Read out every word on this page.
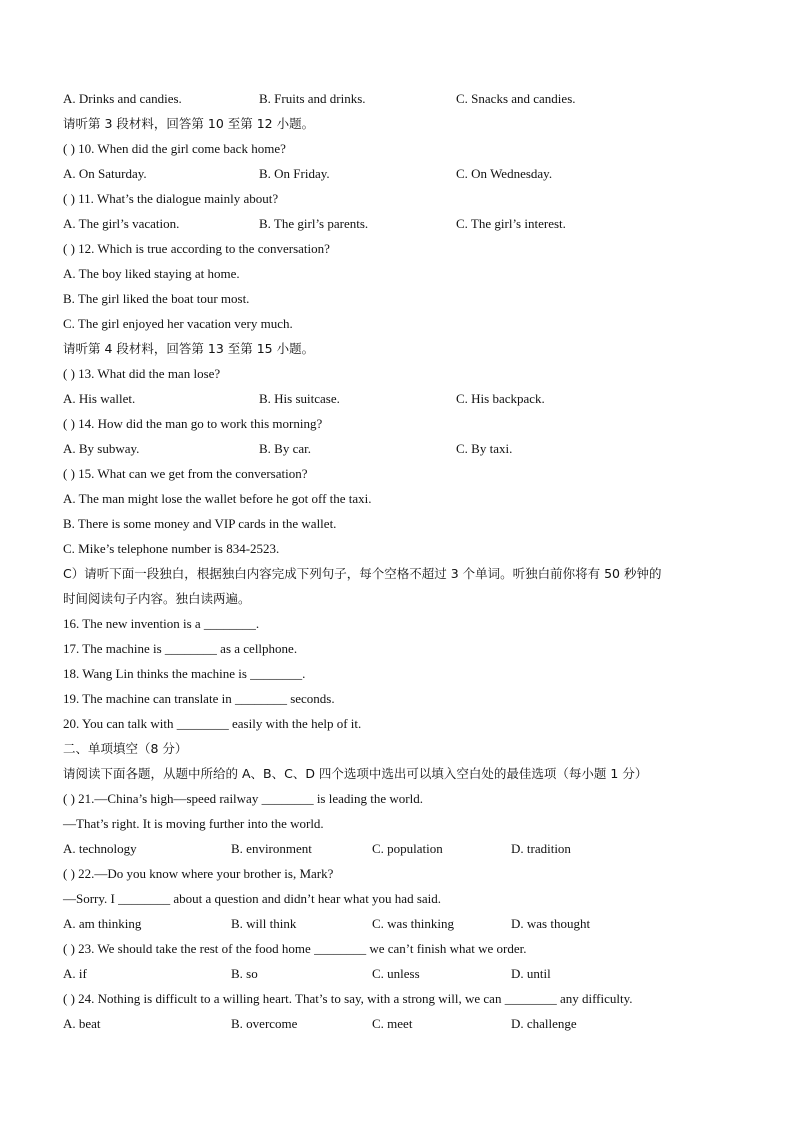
A. Drinks and candies.	B. Fruits and drinks.	C. Snacks and candies.
请听第 3 段材料，回答第 10 至第 12 小题。
( ) 10. When did the girl come back home?
A. On Saturday.	B. On Friday.	C. On Wednesday.
( ) 11. What’s the dialogue mainly about?
A. The girl’s vacation.	B. The girl’s parents.	C. The girl’s interest.
( ) 12. Which is true according to the conversation?
A. The boy liked staying at home.
B. The girl liked the boat tour most.
C. The girl enjoyed her vacation very much.
请听第 4 段材料，回答第 13 至第 15 小题。
( ) 13. What did the man lose?
A. His wallet.	B. His suitcase.	C. His backpack.
( ) 14. How did the man go to work this morning?
A. By subway.	B. By car.	C. By taxi.
( ) 15. What can we get from the conversation?
A. The man might lose the wallet before he got off the taxi.
B. There is some money and VIP cards in the wallet.
C. Mike’s telephone number is 834-2523.
C）请听下面一段独白，根据独白内容完成下列句子，每个空格不超过 3 个单词。听独白前你将有 50 秒钟的
时间阅读句子内容。独白读两遍。
16. The new invention is a ________.
17. The machine is ________ as a cellphone.
18. Wang Lin thinks the machine is ________.
19. The machine can translate in ________ seconds.
20. You can talk with ________ easily with the help of it.
二、单项填空（8 分）
请阅读下面各题，从题中所给的 A、B、C、D 四个选项中选出可以填入空白处的最佳选项（每小题 1 分）
( ) 21.—China’s high—speed railway ________ is leading the world.
—That’s right. It is moving further into the world.
A. technology	B. environment	C. population	D. tradition
( ) 22.—Do you know where your brother is, Mark?
—Sorry. I ________ about a question and didn’t hear what you had said.
A. am thinking	B. will think	C. was thinking	D. was thought
( ) 23. We should take the rest of the food home ________ we can’t finish what we order.
A. if	B. so	C. unless	D. until
( ) 24. Nothing is difficult to a willing heart. That’s to say, with a strong will, we can ________ any difficulty.
A. beat	B. overcome	C. meet	D. challenge
